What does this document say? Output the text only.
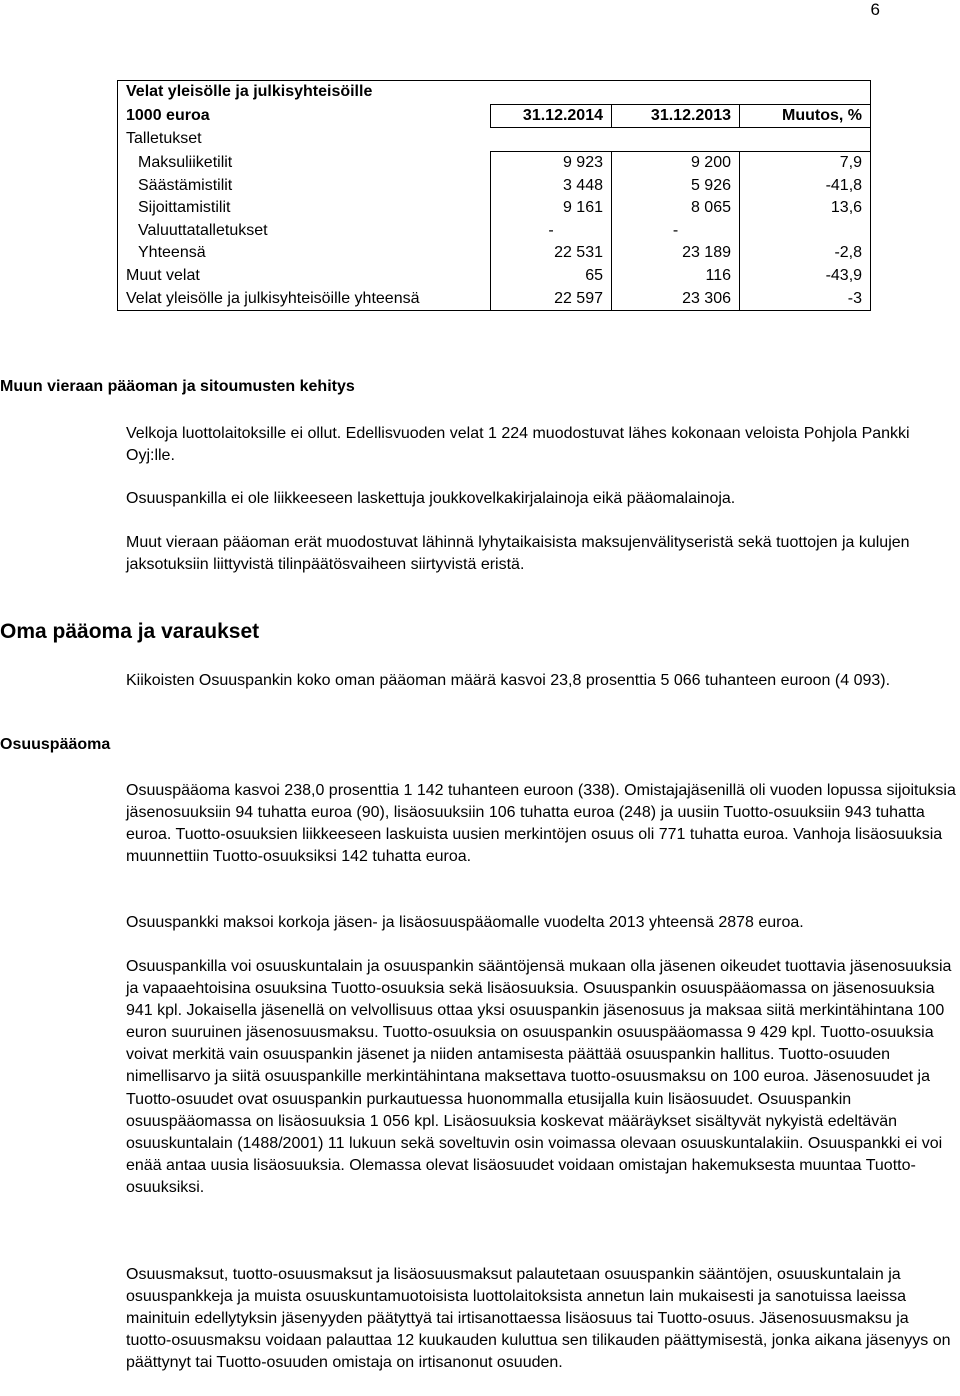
6
Velat yleisölle ja julkisyhteisöille			
1000 euroa	31.12.2014	31.12.2013	Muutos, %
Talletukset			
Maksuliiketilit	9 923	9 200	7,9
Säästämistilit	3 448	5 926	-41,8
Sijoittamistilit	9 161	8 065	13,6
Valuuttatalletukset	-	-	
Yhteensä	22 531	23 189	-2,8
Muut velat	65	116	-43,9
Velat yleisölle ja julkisyhteisöille yhteensä	22 597	23 306	-3
Muun vieraan pääoman ja sitoumusten kehitys

Velkoja luottolaitoksille ei ollut. Edellisvuoden velat 1 224 muodostuvat lähes kokonaan veloista Pohjola Pankki Oyj:lle.

Osuuspankilla ei ole liikkeeseen laskettuja joukkovelkakirjalainoja eikä pääomalainoja.

Muut vieraan pääoman erät muodostuvat lähinnä lyhytaikaisista maksujenvälityseristä sekä tuottojen ja kulujen jaksotuksiin liittyvistä tilinpäätösvaiheen siirtyvistä eristä.

Oma pääoma ja varaukset
Osuuspääoma

Kiikoisten Osuuspankin koko oman pääoman määrä kasvoi 23,8 prosenttia 5 066 tuhanteen euroon (4 093).

Osuuspääoma kasvoi 238,0 prosenttia 1 142 tuhanteen euroon (338). Omistajajäsenillä oli vuoden lopussa sijoituksia jäsenosuuksiin 94 tuhatta euroa (90), lisäosuuksiin 106 tuhatta euroa (248) ja uusiin Tuotto-osuuksiin 943 tuhatta euroa. Tuotto-osuuksien liikkeeseen laskuista uusien merkintöjen osuus oli 771 tuhatta euroa. Vanhoja lisäosuuksia muunnettiin Tuotto-osuuksiksi 142 tuhatta euroa.

Osuuspankki maksoi korkoja jäsen- ja lisäosuuspääomalle vuodelta 2013 yhteensä 2878 euroa.

Osuuspankilla voi osuuskuntalain ja osuuspankin sääntöjensä mukaan olla jäsenen oikeudet tuottavia jäsenosuuksia ja vapaaehtoisina osuuksina Tuotto-osuuksia sekä lisäosuuksia. Osuuspankin osuuspääomassa on jäsenosuuksia 941 kpl. Jokaisella jäsenellä on velvollisuus ottaa yksi osuuspankin jäsenosuus ja maksaa siitä merkintähintana 100 euron suuruinen jäsenosuusmaksu. Tuotto-osuuksia on osuuspankin osuuspääomassa 9 429 kpl. Tuotto-osuuksia voivat merkitä vain osuuspankin jäsenet ja niiden antamisesta päättää osuuspankin hallitus. Tuotto-osuuden nimellisarvo ja siitä osuuspankille merkintähintana maksettava tuotto-osuusmaksu on 100 euroa. Jäsenosuudet ja Tuotto-osuudet ovat osuuspankin purkautuessa huonommalla etusijalla kuin lisäosuudet. Osuuspankin osuuspääomassa on lisäosuuksia 1 056 kpl. Lisäosuuksia koskevat määräykset sisältyvät nykyistä edeltävän osuuskuntalain (1488/2001) 11 lukuun sekä soveltuvin osin voimassa olevaan osuuskuntalakiin. Osuuspankki ei voi enää antaa uusia lisäosuuksia. Olemassa olevat lisäosuudet voidaan omistajan hakemuksesta muuntaa Tuotto-osuuksiksi.

Osuusmaksut, tuotto-osuusmaksut ja lisäosuusmaksut palautetaan osuuspankin sääntöjen, osuuskuntalain ja osuuspankkeja ja muista osuuskuntamuotoisista luottolaitoksista annetun lain mukaisesti ja sanotuissa laeissa mainituin edellytyksin jäsenyyden päätyttyä tai irtisanottaessa lisäosuus tai Tuotto-osuus. Jäsenosuusmaksu ja tuotto-osuusmaksu voidaan palauttaa 12 kuukauden kuluttua sen tilikauden päättymisestä, jonka aikana jäsenyys on päättynyt tai Tuotto-osuuden omistaja on irtisanonut osuuden.
